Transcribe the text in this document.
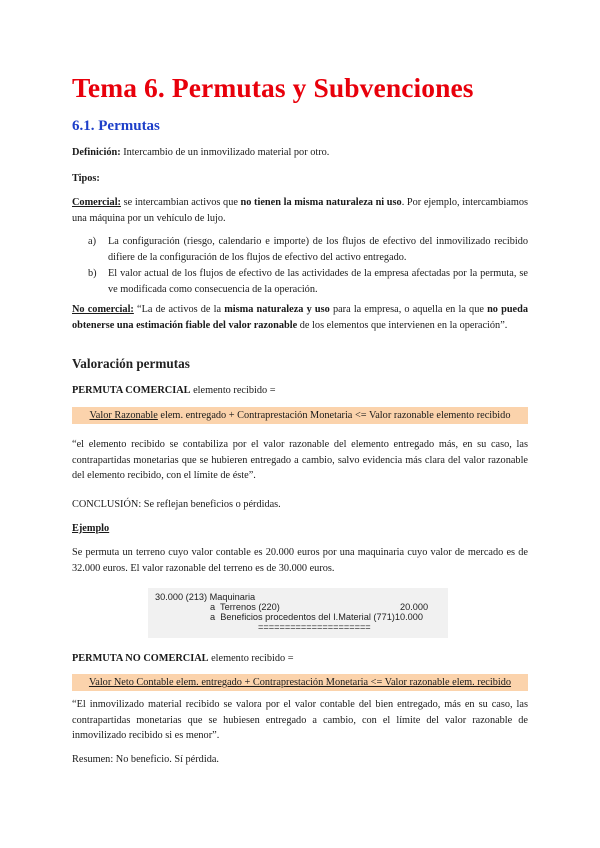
Tema 6. Permutas y Subvenciones
6.1. Permutas

Definición: Intercambio de un inmovilizado material por otro.

Tipos:

Comercial: se intercambian activos que no tienen la misma naturaleza ni uso. Por ejemplo, intercambiamos una máquina por un vehículo de lujo.

a) La configuración (riesgo, calendario e importe) de los flujos de efectivo del inmovilizado recibido difiere de la configuración de los flujos de efectivo del activo entregado.
b) El valor actual de los flujos de efectivo de las actividades de la empresa afectadas por la permuta, se ve modificada como consecuencia de la operación.

No comercial: “La de activos de la misma naturaleza y uso para la empresa, o aquella en la que no pueda obtenerse una estimación fiable del valor razonable de los elementos que intervienen en la operación”.

Valoración permutas

PERMUTA COMERCIAL elemento recibido =

Valor Razonable elem. entregado + Contraprestación Monetaria <= Valor razonable elemento recibido

“el elemento recibido se contabiliza por el valor razonable del elemento entregado más, en su caso, las contrapartidas monetarias que se hubieren entregado a cambio, salvo evidencia más clara del valor razonable del elemento recibido, con el límite de éste”.

CONCLUSIÓN: Se reflejan beneficios o pérdidas.

Ejemplo

Se permuta un terreno cuyo valor contable es 20.000 euros por una maquinaria cuyo valor de mercado es de 32.000 euros. El valor razonable del terreno es de 30.000 euros.

30.000 (213) Maquinaria
a  Terrenos (220)	20.000
a  Beneficios procedentos del I.Material (771)10.000
=====================

PERMUTA NO COMERCIAL elemento recibido =

Valor Neto Contable elem. entregado + Contraprestación Monetaria <= Valor razonable elem. recibido

“El inmovilizado material recibido se valora por el valor contable del bien entregado, más en su caso, las contrapartidas monetarias que se hubiesen entregado a cambio, con el límite del valor razonable de inmovilizado recibido si es menor”.

Resumen: No beneficio. Sí pérdida.
